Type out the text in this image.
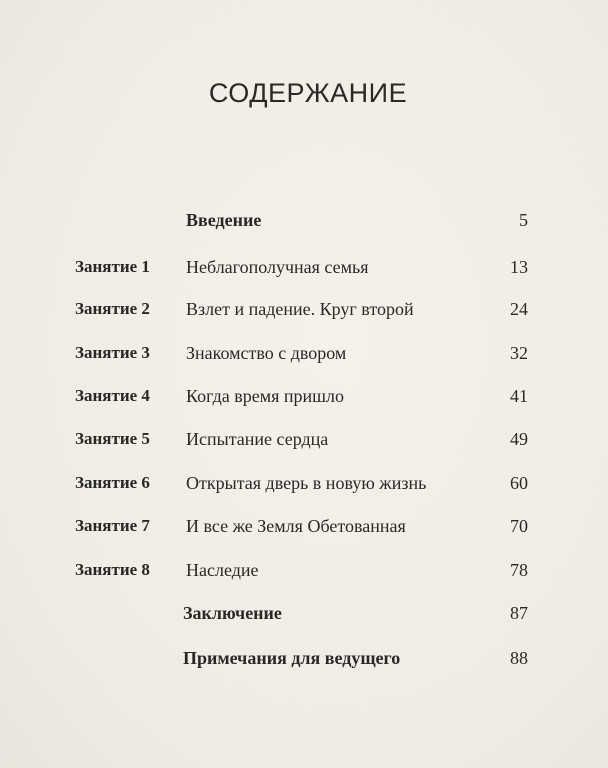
СОДЕРЖАНИЕ
Введение	5
Занятие 1 Неблагополучная семья	13
Занятие 2 Взлет и падение. Круг второй	24
Занятие 3 Знакомство с двором	32
Занятие 4 Когда время пришло	41
Занятие 5 Испытание сердца	49
Занятие 6 Открытая дверь в новую жизнь	60
Занятие 7 И все же Земля Обетованная	70
Занятие 8 Наследие	78
Заключение	87
Примечания для ведущего	88
